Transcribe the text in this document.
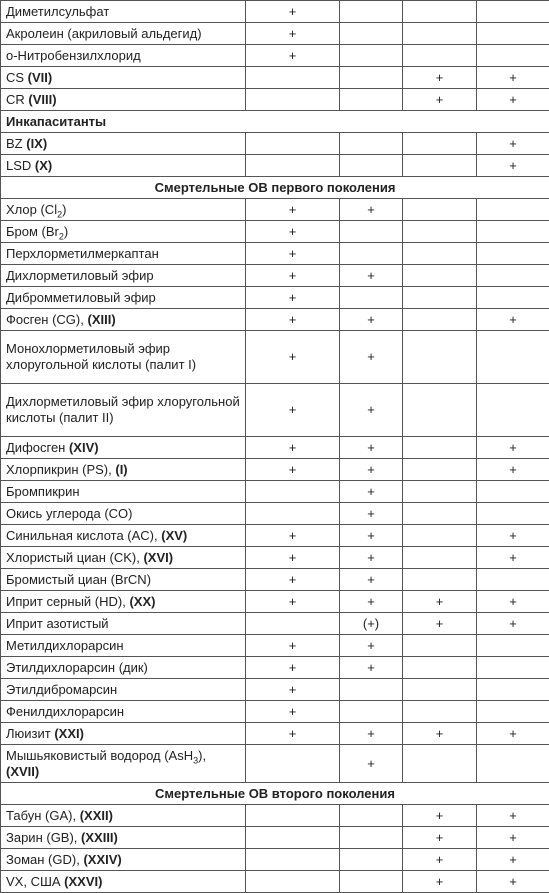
Диметилсульфат	+				
Акролеин (акриловый альдегид)	+				
о-Нитробензилхлорид	+				
CS (VII)			+	+	
CR (VIII)			+	+	
Инкапаситанты					
BZ (IX)				+	
LSD (X)				+	
Смертельные ОВ первого поколения					
Хлор $(Cl_2)$	+	+			
Бром $(Br_2)$	+				
Перхлорметилмеркаптан	+				
Дихлорметиловый эфир	+	+			
Дибромметиловый эфир	+				
Фосген (CG), (XIII)	+	+		+	
Монохлорметиловый эфир хлоругольной кислоты (палит I)	+	+			
Дихлорметиловый эфир хлоругольной кислоты (палит II)	+	+			
Дифосген (XIV)	+	+		+	
Хлорпикрин (PS), (I)	+	+		+	
Бромпикрин		+			
Окись углерода (CO)		+			
Синильная кислота (AC), (XV)	+	+		+	
Хлористый циан (CK), (XVI)	+	+		+	
Бромистый циан (BrCN)	+	+			
Иприт серный (HD), (XX)	+	+	+	+	
Иприт азотистый		(+)	+	+	
Метилдихлорарсин	+	+			
Этилдихлорарсин (дик)	+	+			
Этилдибромарсин	+				
Фенилдихлорарсин	+				
Люизит (XXI)	+	+	+	+	
Мышьяковистый водород (AsH$_3$), (XVII)		+			
Смертельные ОВ второго поколения					
Табун (GA), (XXII)			+	+	
Зарин (GB), (XXIII)			+	+	
Зоман (GD), (XXIV)			+	+	
VX, США (XXVI)			+	+	
